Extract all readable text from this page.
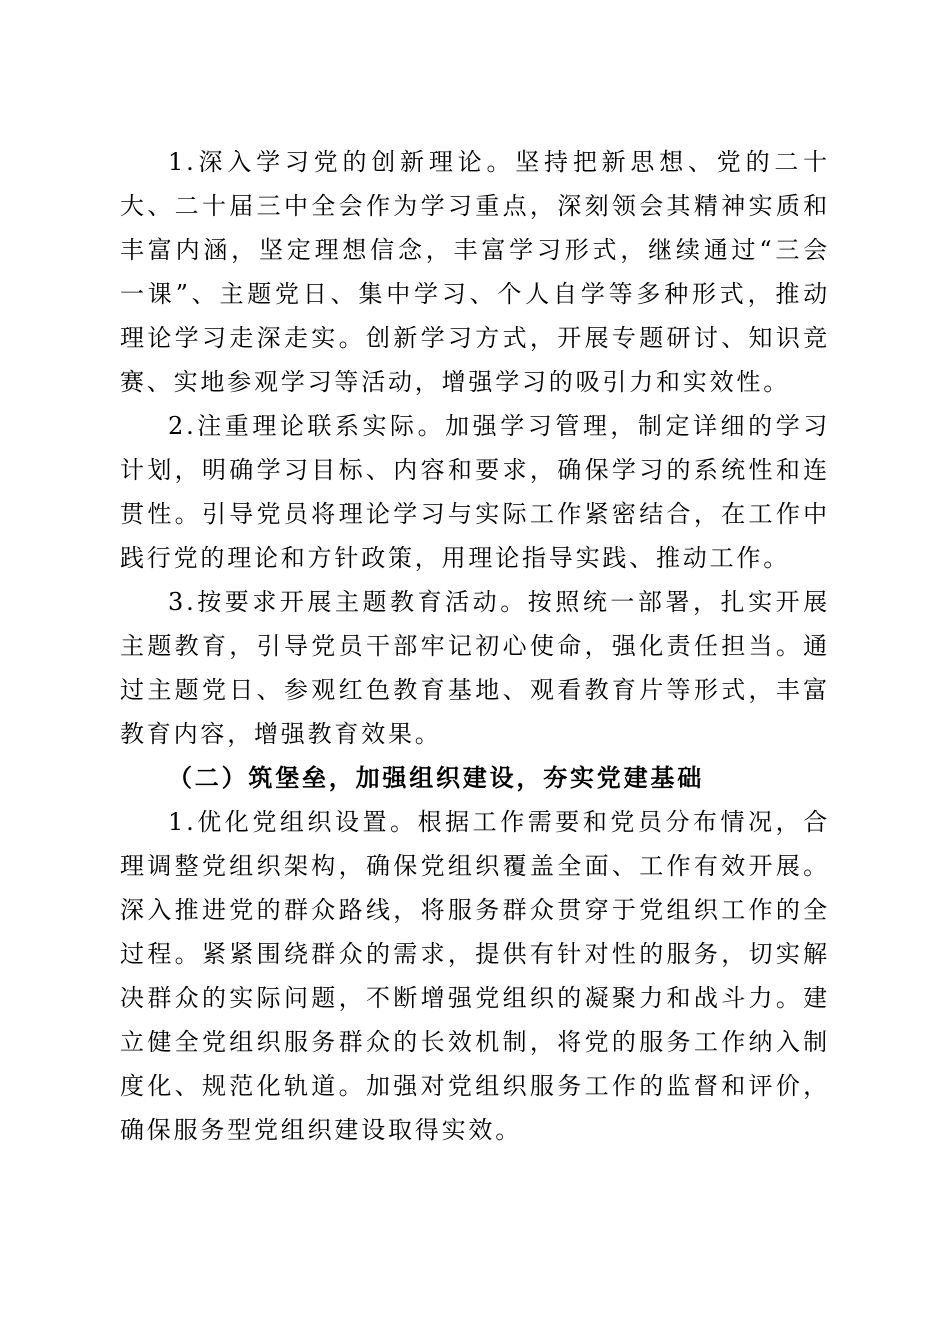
1.深入学习党的创新理论。坚持把新思想、党的二十大、二十届三中全会作为学习重点，深刻领会其精神实质和丰富内涵，坚定理想信念，丰富学习形式，继续通过“三会一课”、主题党日、集中学习、个人自学等多种形式，推动理论学习走深走实。创新学习方式，开展专题研讨、知识竞赛、实地参观学习等活动，增强学习的吸引力和实效性。

2.注重理论联系实际。加强学习管理，制定详细的学习计划，明确学习目标、内容和要求，确保学习的系统性和连贯性。引导党员将理论学习与实际工作紧密结合，在工作中践行党的理论和方针政策，用理论指导实践、推动工作。

3.按要求开展主题教育活动。按照统一部署，扎实开展主题教育，引导党员干部牢记初心使命，强化责任担当。通过主题党日、参观红色教育基地、观看教育片等形式，丰富教育内容，增强教育效果。

（二）筑堡垒，加强组织建设，夯实党建基础

1.优化党组织设置。根据工作需要和党员分布情况，合理调整党组织架构，确保党组织覆盖全面、工作有效开展。深入推进党的群众路线，将服务群众贯穿于党组织工作的全过程。紧紧围绕群众的需求，提供有针对性的服务，切实解决群众的实际问题，不断增强党组织的凝聚力和战斗力。建立健全党组织服务群众的长效机制，将党的服务工作纳入制度化、规范化轨道。加强对党组织服务工作的监督和评价，确保服务型党组织建设取得实效。
